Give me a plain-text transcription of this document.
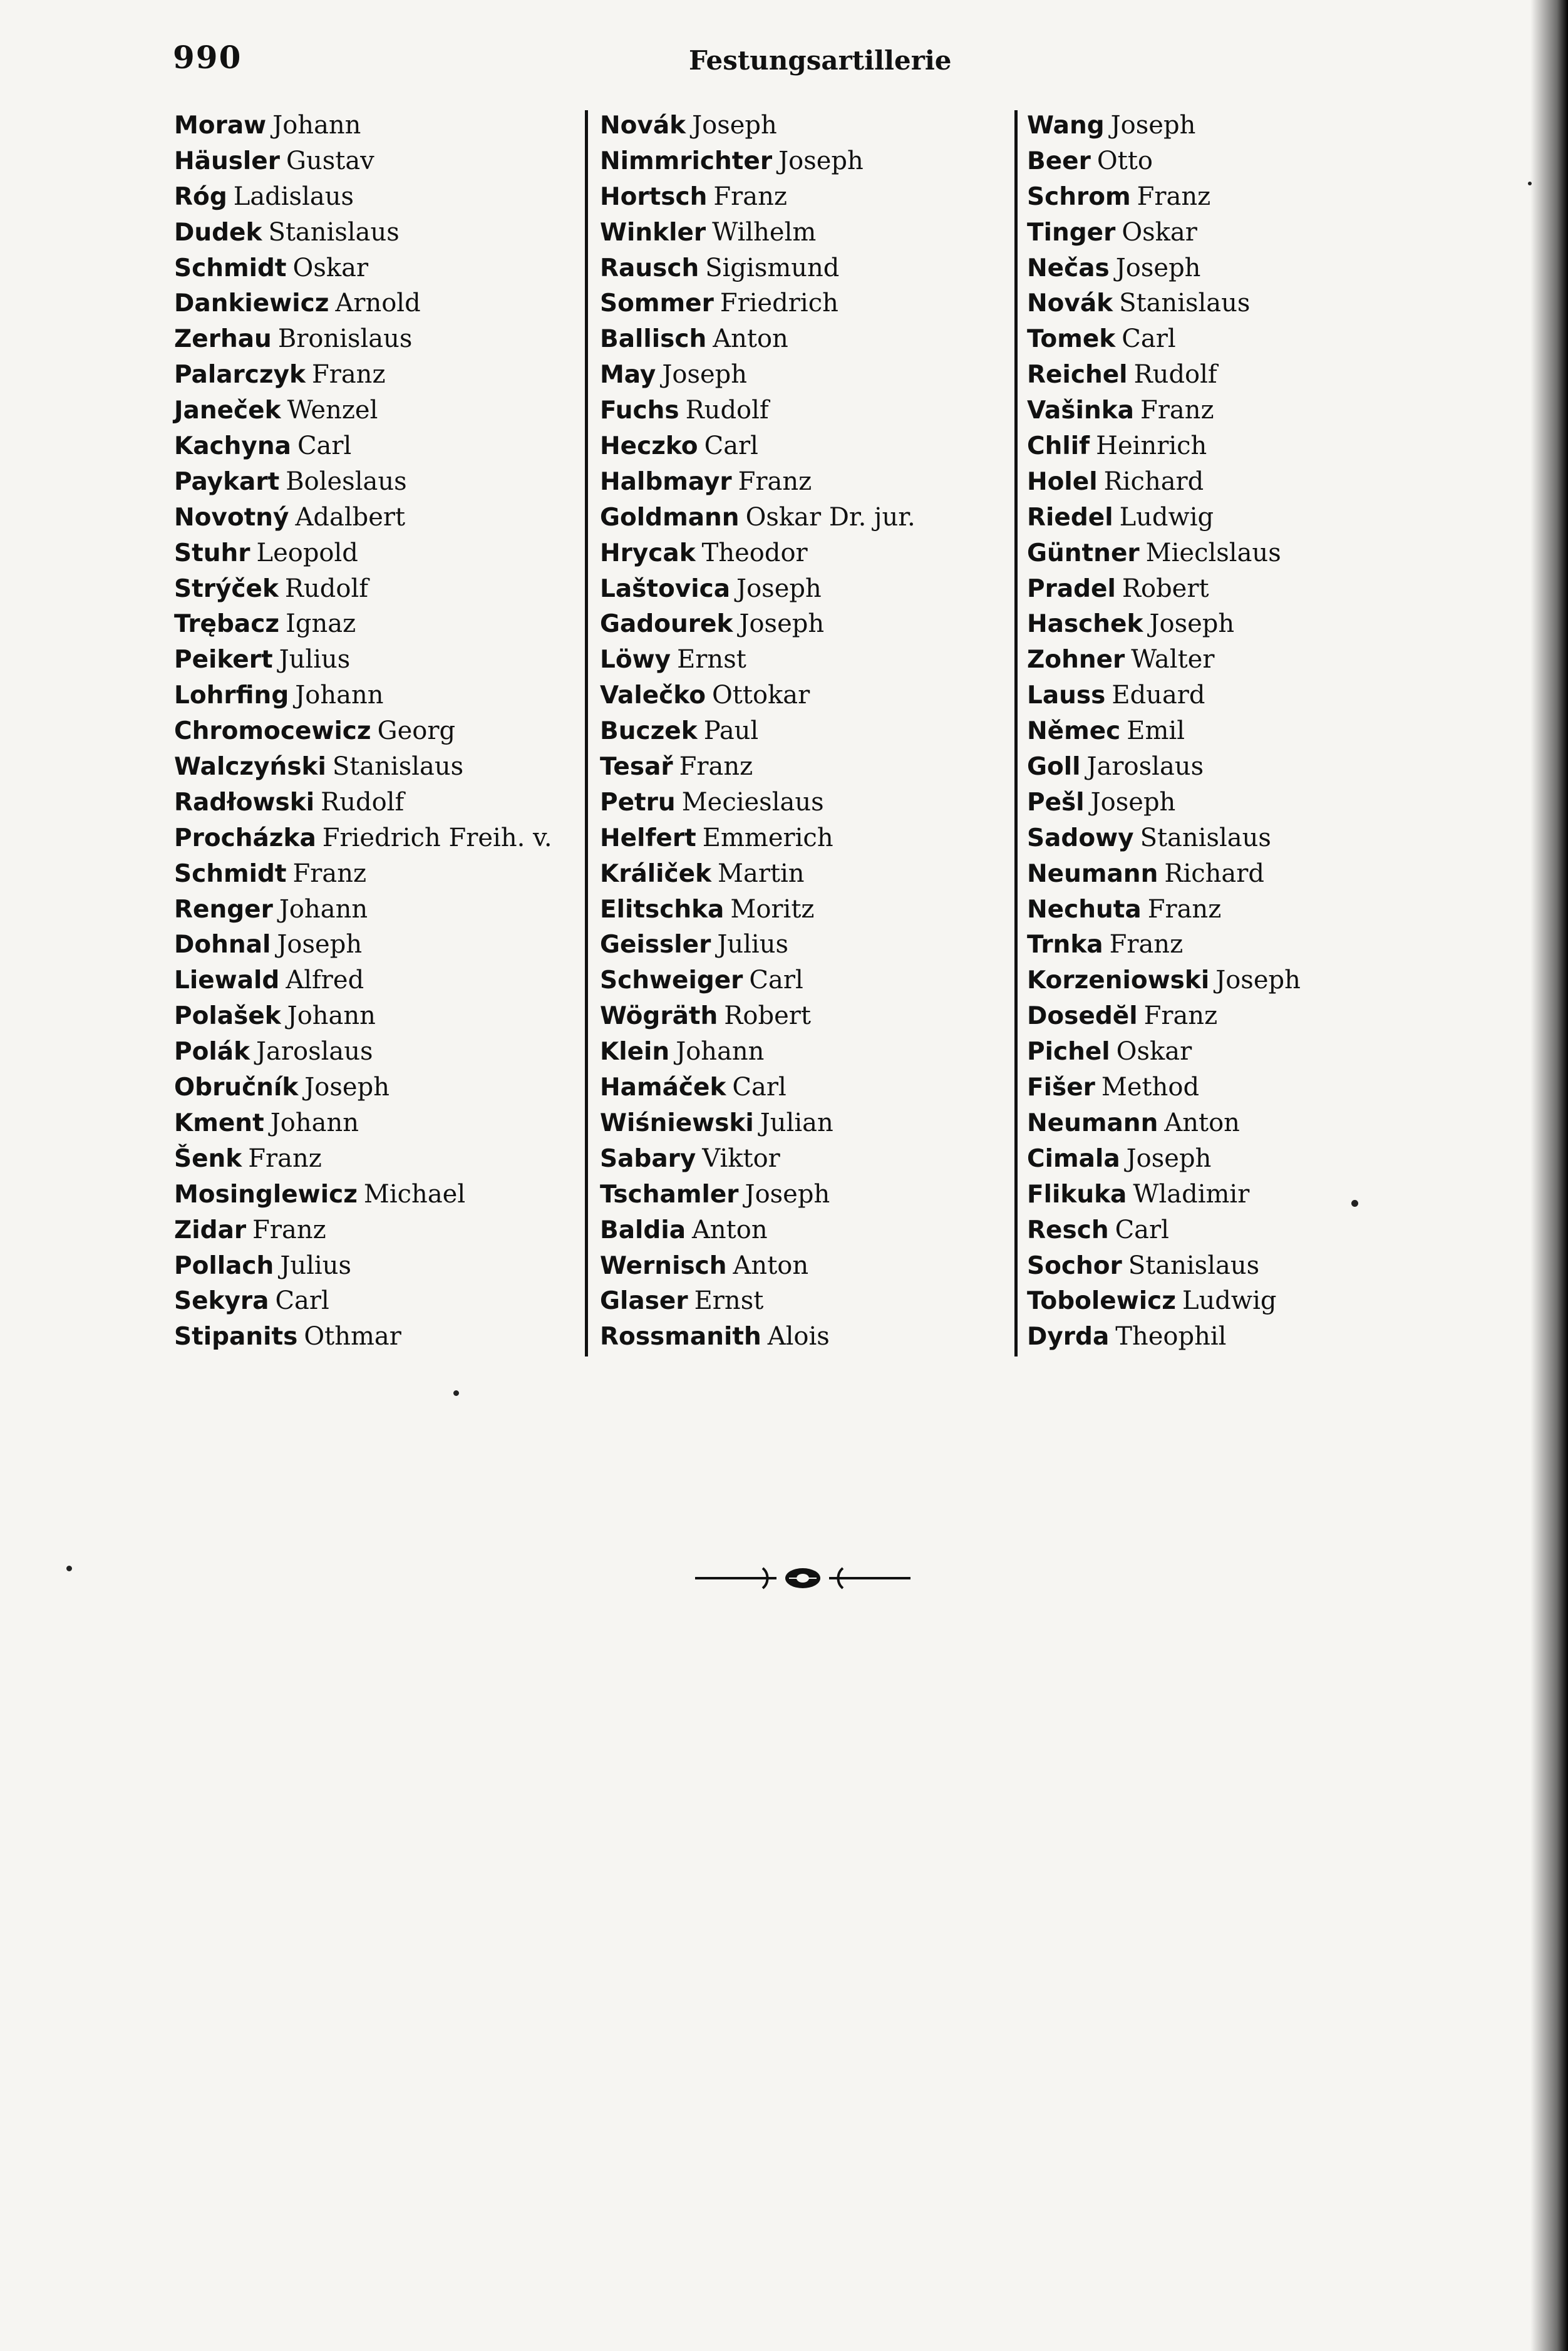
990	Festungsartillerie
Moraw Johann
Häusler Gustav
Róg Ladislaus
Dudek Stanislaus
Schmidt Oskar
Dankiewicz Arnold
Zerhau Bronislaus
Palarczyk Franz
Janeček Wenzel
Kachyna Carl
Paykart Boleslaus
Novotný Adalbert
Stuhr Leopold
Strýček Rudolf
Trębacz Ignaz
Peikert Julius
Lohrfing Johann
Chromocewicz Georg
Walczyński Stanislaus
Radłowski Rudolf
Procházka Friedrich Freih. v.
Schmidt Franz
Renger Johann
Dohnal Joseph
Liewald Alfred
Polašek Johann
Polák Jaroslaus
Obručník Joseph
Kment Johann
Šenk Franz
Mosinglewicz Michael
Zidar Franz
Pollach Julius
Sekyra Carl
Stipanits Othmar
Novák Joseph
Nimmrichter Joseph
Hortsch Franz
Winkler Wilhelm
Rausch Sigismund
Sommer Friedrich
Ballisch Anton
May Joseph
Fuchs Rudolf
Heczko Carl
Halbmayr Franz
Goldmann Oskar Dr. jur.
Hrycak Theodor
Laštovica Joseph
Gadourek Joseph
Löwy Ernst
Valečko Ottokar
Buczek Paul
Tesař Franz
Petru Mecieslaus
Helfert Emmerich
Králiček Martin
Elitschka Moritz
Geissler Julius
Schweiger Carl
Wögräth Robert
Klein Johann
Hamáček Carl
Wiśniewski Julian
Sabary Viktor
Tschamler Joseph
Baldia Anton
Wernisch Anton
Glaser Ernst
Rossmanith Alois
Wang Joseph
Beer Otto
Schrom Franz
Tinger Oskar
Nečas Joseph
Novák Stanislaus
Tomek Carl
Reichel Rudolf
Vašinka Franz
Chlif Heinrich
Holel Richard
Riedel Ludwig
Güntner Mieclslaus
Pradel Robert
Haschek Joseph
Zohner Walter
Lauss Eduard
Němec Emil
Goll Jaroslaus
Pešl Joseph
Sadowy Stanislaus
Neumann Richard
Nechuta Franz
Trnka Franz
Korzeniowski Joseph
Dosedĕl Franz
Pichel Oskar
Fišer Method
Neumann Anton
Cimala Joseph
Flikuka Wladimir
Resch Carl
Sochor Stanislaus
Tobolewicz Ludwig
Dyrda Theophil
